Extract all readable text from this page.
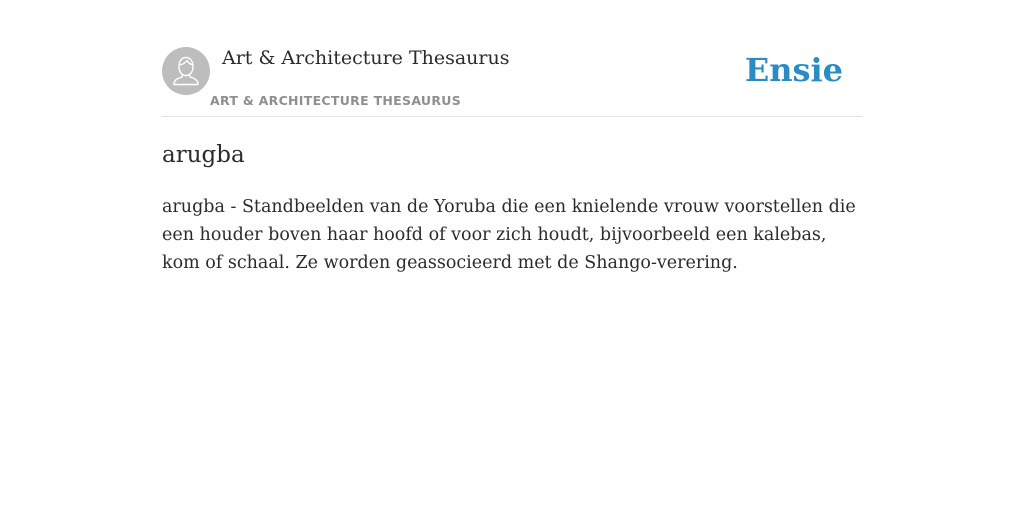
Art & Architecture Thesaurus
ART & ARCHITECTURE THESAURUS
Ensie
arugba

arugba - Standbeelden van de Yoruba die een knielende vrouw voorstellen die een houder boven haar hoofd of voor zich houdt, bijvoorbeeld een kalebas, kom of schaal. Ze worden geassocieerd met de Shango-verering.
